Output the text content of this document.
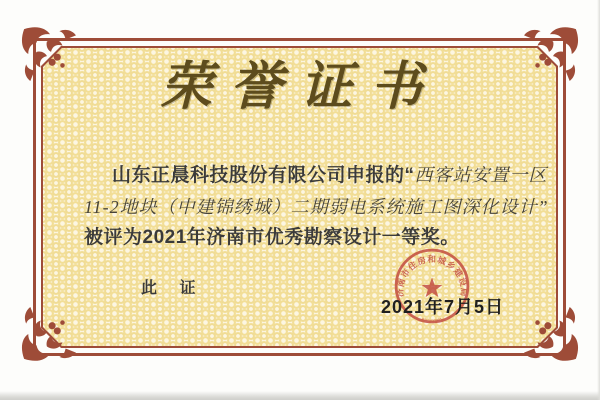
荣誉证书
山东正晨科技股份有限公司申报的“西客站安置一区
11-2地块（中建锦绣城）二期弱电系统施工图深化设计”
被评为2021年济南市优秀勘察设计一等奖。
此 证	济南市住房和城乡建设局
0161A27891
2021年7月5日
